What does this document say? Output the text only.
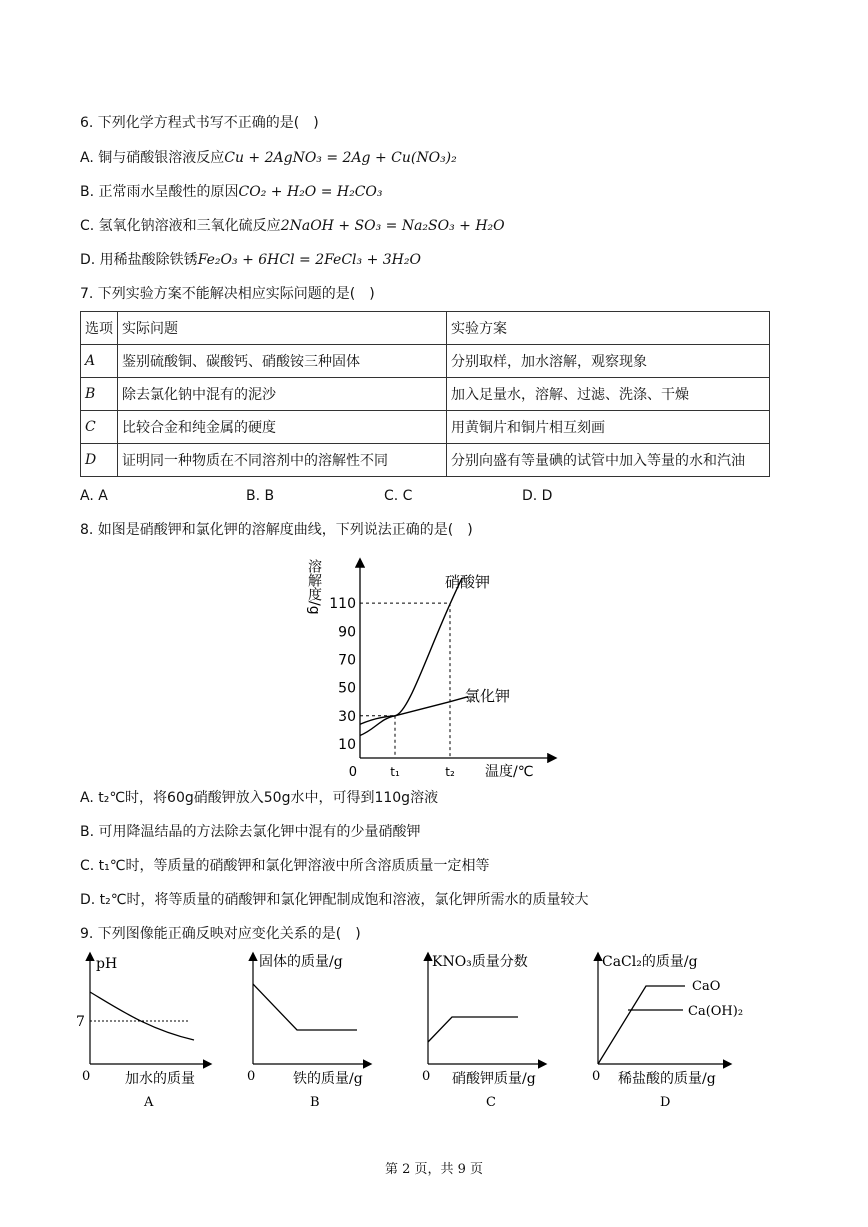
6. 下列化学方程式书写不正确的是(　)
A. 铜与硝酸银溶液反应Cu + 2AgNO₃ = 2Ag + Cu(NO₃)₂
B. 正常雨水呈酸性的原因CO₂ + H₂O = H₂CO₃
C. 氢氧化钠溶液和三氧化硫反应2NaOH + SO₃ = Na₂SO₃ + H₂O
D. 用稀盐酸除铁锈Fe₂O₃ + 6HCl = 2FeCl₃ + 3H₂O
7. 下列实验方案不能解决相应实际问题的是(　)
选项	实际问题	实验方案
A	鉴别硫酸铜、碳酸钙、硝酸铵三种固体	分别取样，加水溶解，观察现象
B	除去氯化钠中混有的泥沙	加入足量水，溶解、过滤、洗涤、干燥
C	比较合金和纯金属的硬度	用黄铜片和铜片相互刻画
D	证明同一种物质在不同溶剂中的溶解性不同	分别向盛有等量碘的试管中加入等量的水和汽油
A. A	B. B	C. C	D. D
8. 如图是硝酸钾和氯化钾的溶解度曲线，下列说法正确的是(　)
溶解度/g
温度/℃
0
10
30
50
70
90
110
t₁	t₂
硝酸钾
氯化钾
A. t₂℃时，将60g硝酸钾放入50g水中，可得到110g溶液
B. 可用降温结晶的方法除去氯化钾中混有的少量硝酸钾
C. t₁℃时，等质量的硝酸钾和氯化钾溶液中所含溶质质量一定相等
D. t₂℃时，将等质量的硝酸钾和氯化钾配制成饱和溶液，氯化钾所需水的质量较大
9. 下列图像能正确反映对应变化关系的是(　)
pH
7
0 加水的质量
A
固体的质量/g
0	铁的质量/g
B
KNO₃质量分数
0 硝酸钾质量/g
C
CaCl₂的质量/g
CaO
Ca(OH)₂
0 稀盐酸的质量/g
D
第 2 页，共 9 页
